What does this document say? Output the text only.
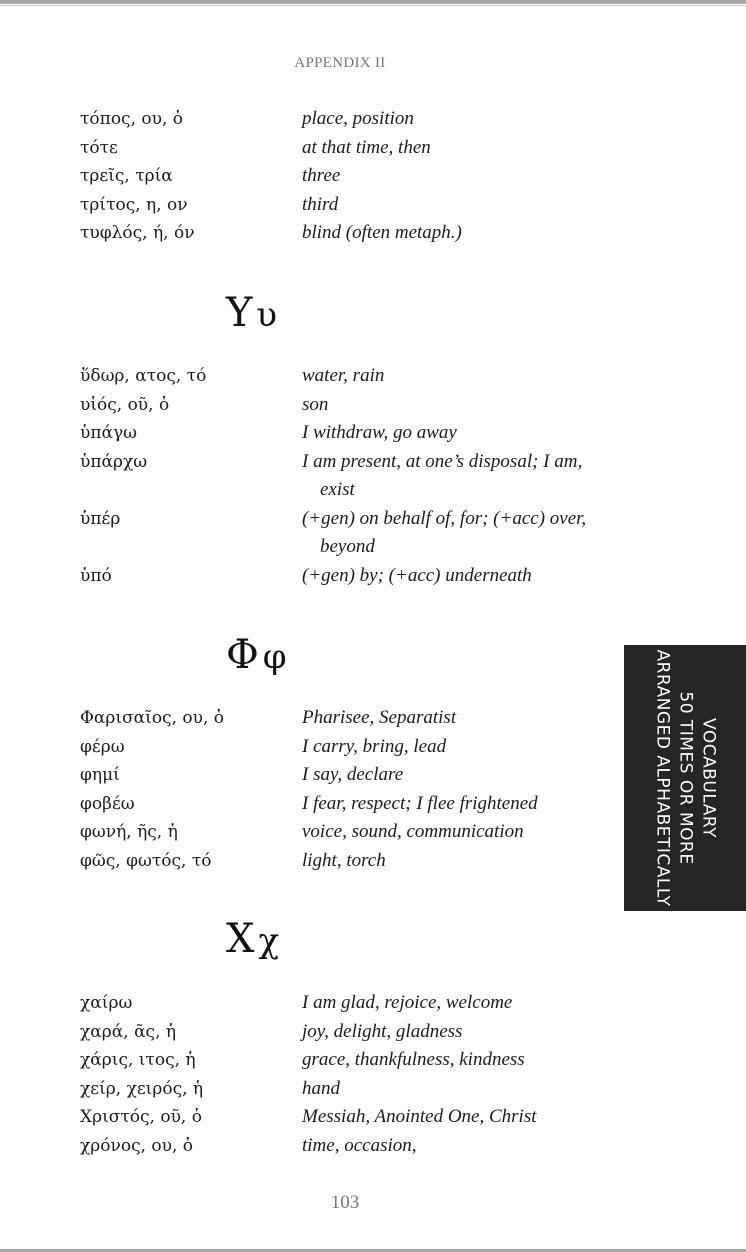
APPENDIX II
τόπος, ου, ὁ	place, position
τότε	at that time, then
τρεῖς, τρία	three
τρίτος, η, ον	third
τυφλός, ή, όν	blind (often metaph.)
Υ υ
ὕδωρ, ατος, τό	water, rain
υἱός, οῦ, ὁ	son
ὑπάγω	I withdraw, go away
ὑπάρχω	I am present, at one’s disposal; I am, exist
ὑπέρ	(+gen) on behalf of, for; (+acc) over, beyond
ὑπό	(+gen) by; (+acc) underneath
Φ φ
Φαρισαῖος, ου, ὁ	Pharisee, Separatist
φέρω	I carry, bring, lead
φημί	I say, declare
φοβέω	I fear, respect; I flee frightened
φωνή, ῆς, ἡ	voice, sound, communication
φῶς, φωτός, τό	light, torch
Χ χ
χαίρω	I am glad, rejoice, welcome
χαρά, ᾶς, ἡ	joy, delight, gladness
χάρις, ιτος, ἡ	grace, thankfulness, kindness
χείρ, χειρός, ἡ	hand
Χριστός, οῦ, ὁ	Messiah, Anointed One, Christ
χρόνος, ου, ὁ	time, occasion,
VOCABULARY
50 TIMES OR MORE
ARRANGED ALPHABETICALLY
103
